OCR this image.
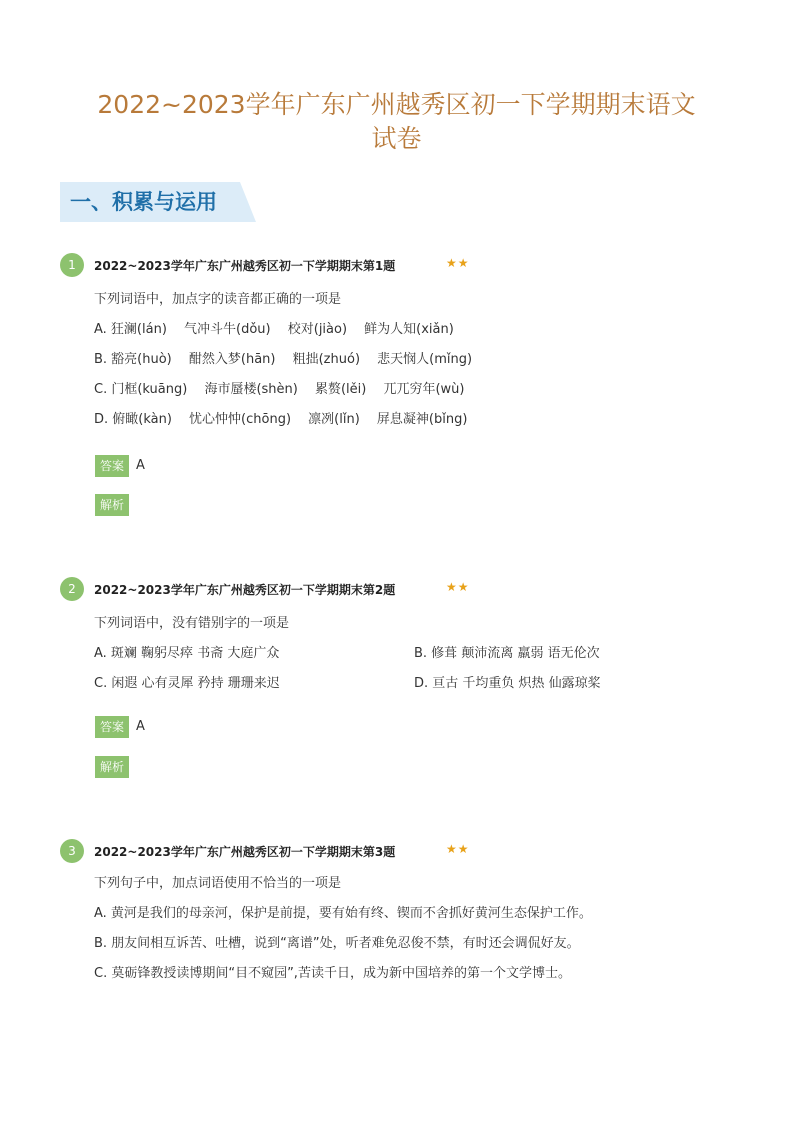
2022~2023学年广东广州越秀区初一下学期期末语文
试卷
一、积累与运用
1	2022~2023学年广东广州越秀区初一下学期期末第1题	★★
下列词语中，加点字的读音都正确的一项是
A. 狂澜(lán)　 气冲斗牛(dǒu)　 校对(jiào)　 鲜为人知(xiǎn)
B. 豁亮(huò)　 酣然入梦(hān)　 粗拙(zhuó)　 悲天悯人(mǐng)
C. 门框(kuāng)　 海市蜃楼(shèn)　 累赘(lěi)　 兀兀穷年(wù)
D. 俯瞰(kàn)　 忧心忡忡(chōng)　 凛冽(lǐn)　 屏息凝神(bǐng)
答案 A
解析
2	2022~2023学年广东广州越秀区初一下学期期末第2题	★★
下列词语中，没有错别字的一项是
A. 斑斓 鞠躬尽瘁 书斋 大庭广众	B. 修葺 颠沛流离 羸弱 语无伦次
C. 闲遐 心有灵犀 矜持 珊珊来迟	D. 亘古 千均重负 炽热 仙露琼桨
答案 A
解析
3	2022~2023学年广东广州越秀区初一下学期期末第3题	★★
下列句子中，加点词语使用不恰当的一项是
A. 黄河是我们的母亲河，保护是前提，要有始有终、锲而不舍抓好黄河生态保护工作。
B. 朋友间相互诉苦、吐槽，说到“离谱”处，听者难免忍俊不禁，有时还会调侃好友。
C. 莫砺锋教授读博期间“目不窥园”,苦读千日，成为新中国培养的第一个文学博士。
